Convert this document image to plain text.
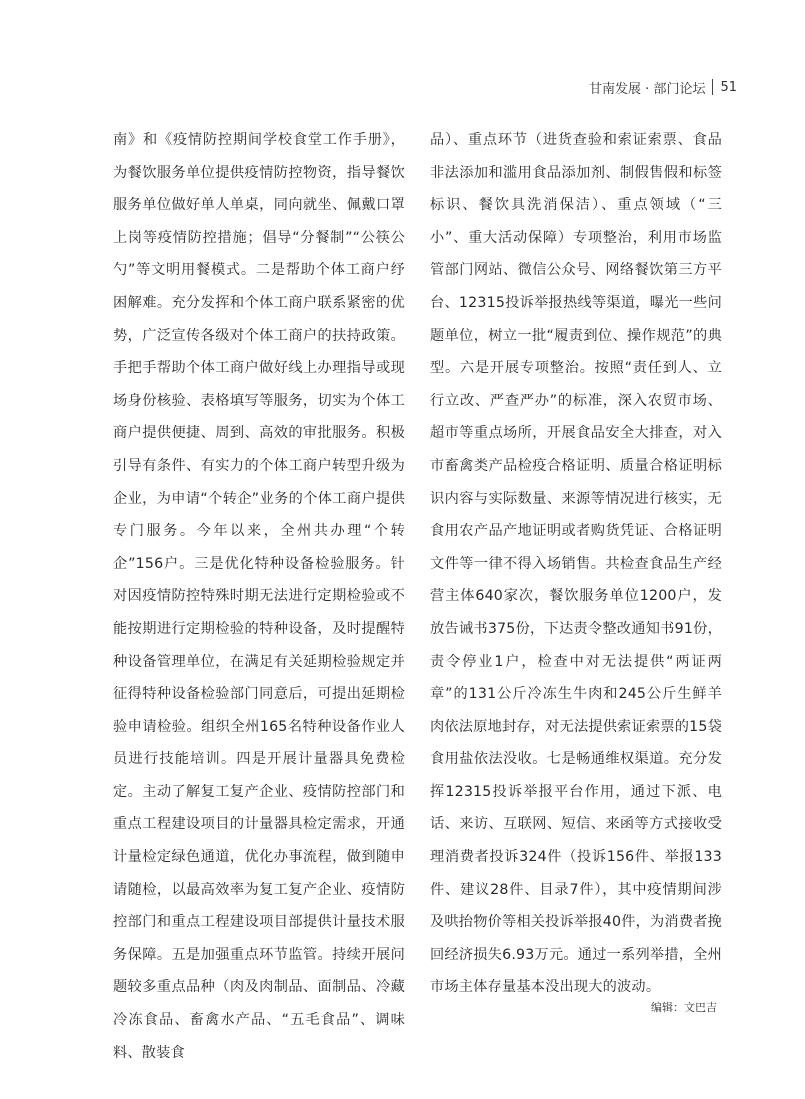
甘南发展 · 部门论坛 51

南》和《疫情防控期间学校食堂工作手册》，为餐饮服务单位提供疫情防控物资，指导餐饮服务单位做好单人单桌，同向就坐、佩戴口罩上岗等疫情防控措施；倡导“分餐制”“公筷公勺”等文明用餐模式。二是帮助个体工商户纾困解难。充分发挥和个体工商户联系紧密的优势，广泛宣传各级对个体工商户的扶持政策。手把手帮助个体工商户做好线上办理指导或现场身份核验、表格填写等服务，切实为个体工商户提供便捷、周到、高效的审批服务。积极引导有条件、有实力的个体工商户转型升级为企业，为申请“个转企”业务的个体工商户提供专门服务。今年以来，全州共办理“个转企”156户。三是优化特种设备检验服务。针对因疫情防控特殊时期无法进行定期检验或不能按期进行定期检验的特种设备，及时提醒特种设备管理单位，在满足有关延期检验规定并征得特种设备检验部门同意后，可提出延期检验申请检验。组织全州165名特种设备作业人员进行技能培训。四是开展计量器具免费检定。主动了解复工复产企业、疫情防控部门和重点工程建设项目的计量器具检定需求，开通计量检定绿色通道，优化办事流程，做到随申请随检，以最高效率为复工复产企业、疫情防控部门和重点工程建设项目部提供计量技术服务保障。五是加强重点环节监管。持续开展问题较多重点品种（肉及肉制品、面制品、冷藏冷冻食品、畜禽水产品、“五毛食品”、调味料、散装食

品）、重点环节（进货查验和索证索票、食品非法添加和滥用食品添加剂、制假售假和标签标识、餐饮具洗消保洁）、重点领域（“三小”、重大活动保障）专项整治，利用市场监管部门网站、微信公众号、网络餐饮第三方平台、12315投诉举报热线等渠道，曝光一些问题单位，树立一批“履责到位、操作规范”的典型。六是开展专项整治。按照“责任到人、立行立改、严查严办”的标准，深入农贸市场、超市等重点场所，开展食品安全大排查，对入市畜禽类产品检疫合格证明、质量合格证明标识内容与实际数量、来源等情况进行核实，无食用农产品产地证明或者购货凭证、合格证明文件等一律不得入场销售。共检查食品生产经营主体640家次，餐饮服务单位1200户，发放告诫书375份，下达责令整改通知书91份，责令停业1户，检查中对无法提供“两证两章”的131公斤冷冻生牛肉和245公斤生鲜羊肉依法原地封存，对无法提供索证索票的15袋食用盐依法没收。七是畅通维权渠道。充分发挥12315投诉举报平台作用，通过下派、电话、来访、互联网、短信、来函等方式接收受理消费者投诉324件（投诉156件、举报133件、建议28件、目录7件），其中疫情期间涉及哄抬物价等相关投诉举报40件，为消费者挽回经济损失6.93万元。通过一系列举措，全州市场主体存量基本没出现大的波动。

编辑：文巴吉
